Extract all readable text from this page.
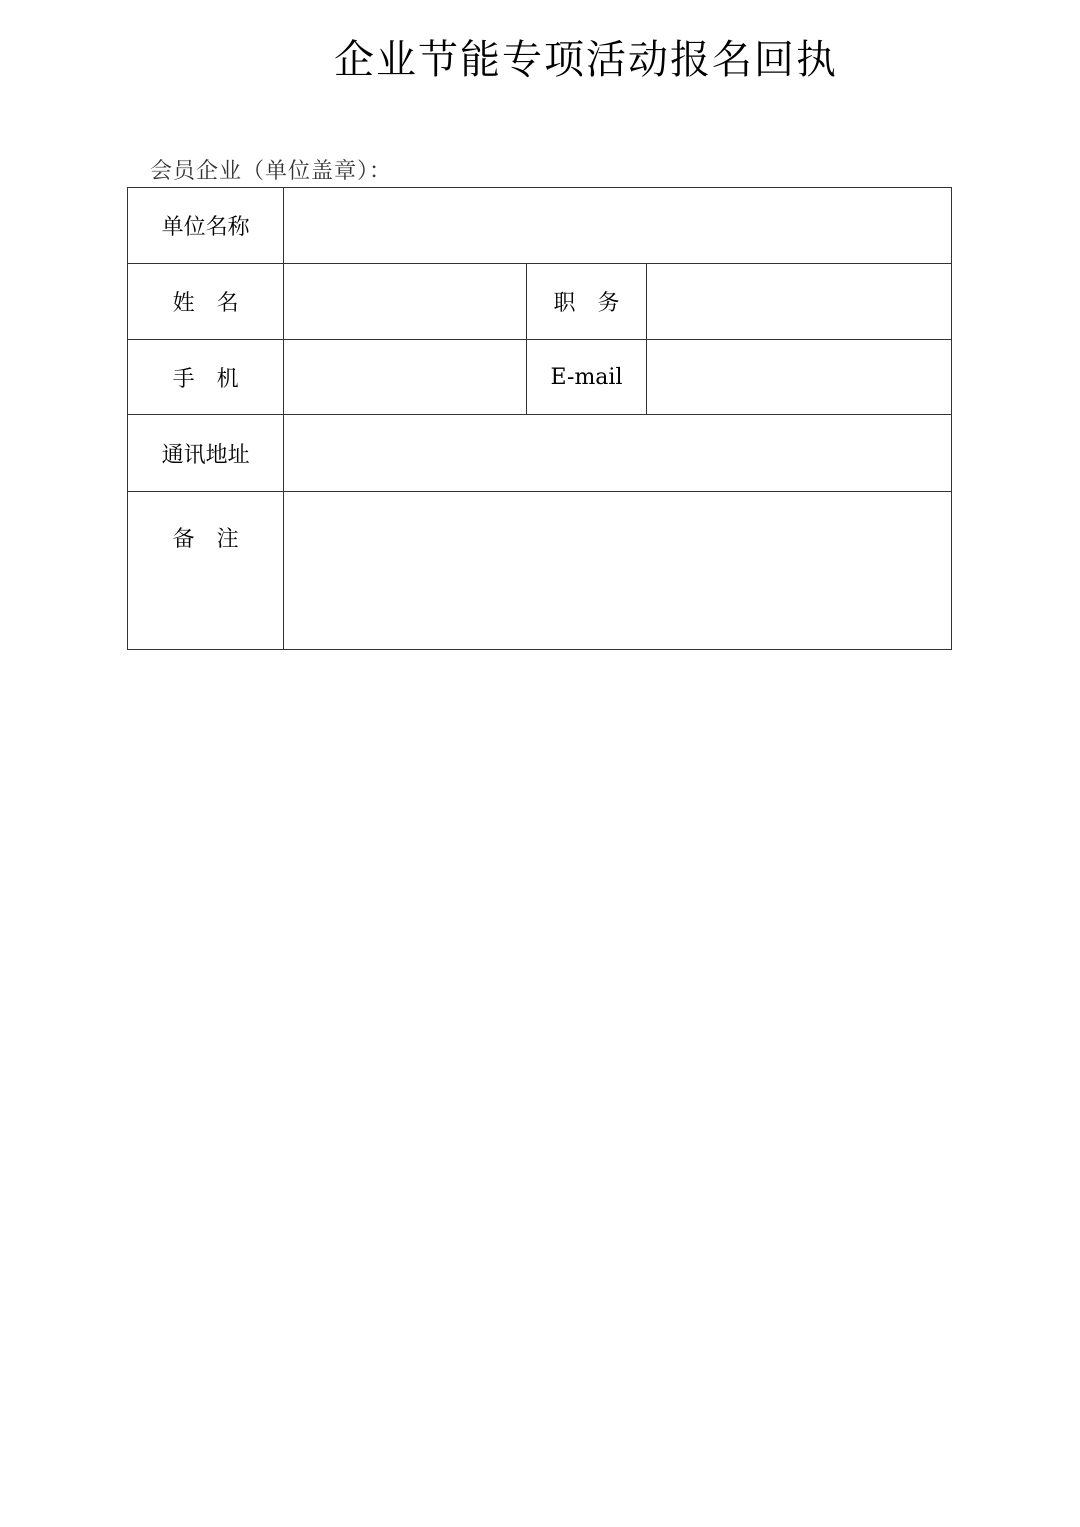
企业节能专项活动报名回执
会员企业（单位盖章）：
单位名称			
姓　名		职　务	
手　机		E-mail	
通讯地址			
备　注			
